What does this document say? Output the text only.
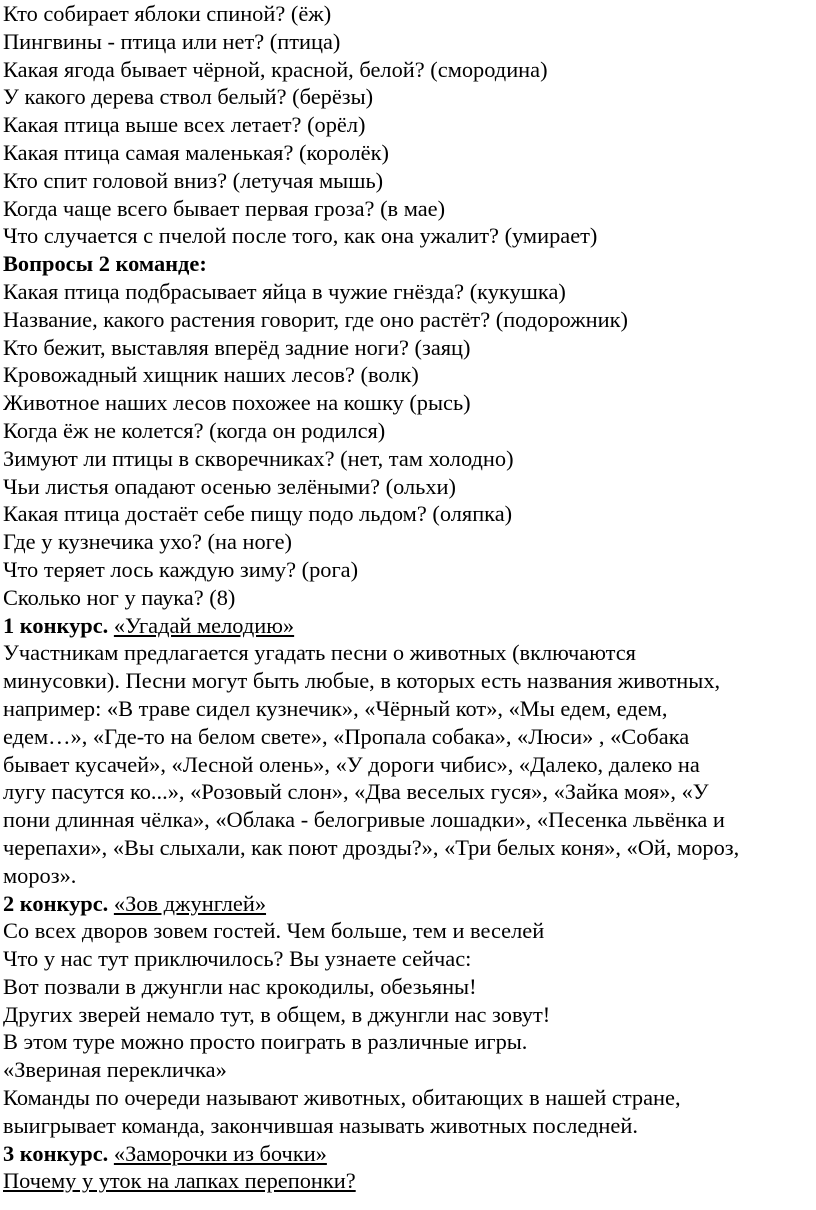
Кто собирает яблоки спиной? (ёж)
Пингвины - птица или нет? (птица)
Какая ягода бывает чёрной, красной, белой? (смородина)
У какого дерева ствол белый? (берёзы)
Какая птица выше всех летает? (орёл)
Какая птица самая маленькая? (королёк)
Кто спит головой вниз? (летучая мышь)
Когда чаще всего бывает первая гроза? (в мае)
Что случается с пчелой после того, как она ужалит? (умирает)
Вопросы 2 команде:
Какая птица подбрасывает яйца в чужие гнёзда? (кукушка)
Название, какого растения говорит, где оно растёт? (подорожник)
Кто бежит, выставляя вперёд задние ноги? (заяц)
Кровожадный хищник наших лесов? (волк)
Животное наших лесов похожее на кошку (рысь)
Когда ёж не колется? (когда он родился)
Зимуют ли птицы в скворечниках? (нет, там холодно)
Чьи листья опадают осенью зелёными? (ольхи)
Какая птица достаёт себе пищу подо льдом? (оляпка)
Где у кузнечика ухо? (на ноге)
Что теряет лось каждую зиму? (рога)
Сколько ног у паука? (8)
1 конкурс. «Угадай мелодию»
Участникам предлагается угадать песни о животных (включаются
минусовки). Песни могут быть любые, в которых есть названия животных,
например: «В траве сидел кузнечик», «Чёрный кот», «Мы едем, едем,
едем…», «Где-то на белом свете», «Пропала собака», «Люси» , «Собака
бывает кусачей», «Лесной олень», «У дороги чибис», «Далеко, далеко на
лугу пасутся ко...», «Розовый слон», «Два веселых гуся», «Зайка моя», «У
пони длинная чёлка», «Облака - белогривые лошадки», «Песенка львёнка и
черепахи», «Вы слыхали, как поют дрозды?», «Три белых коня», «Ой, мороз,
мороз».
2 конкурс. «Зов джунглей»
Со всех дворов зовем гостей. Чем больше, тем и веселей
Что у нас тут приключилось? Вы узнаете сейчас:
Вот позвали в джунгли нас крокодилы, обезьяны!
Других зверей немало тут, в общем, в джунгли нас зовут!
В этом туре можно просто поиграть в различные игры.
«Звериная перекличка»
Команды по очереди называют животных, обитающих в нашей стране,
выигрывает команда, закончившая называть животных последней.
3 конкурс. «Заморочки из бочки»
Почему у уток на лапках перепонки?
